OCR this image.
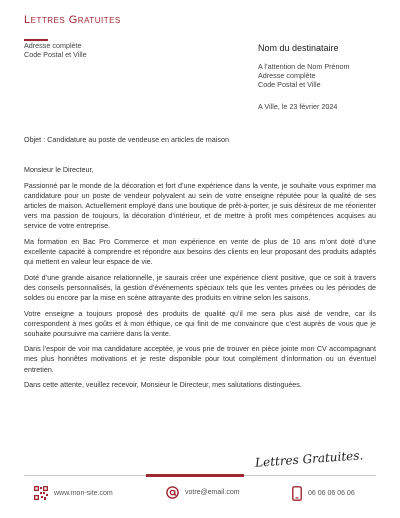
Lettres Gratuites
Adresse complète
Code Postal et Ville
Nom du destinataire
A l’attention de Nom Prénom
Adresse complète
Code Postal et Ville
A Ville, le 23 février 2024
Objet : Candidature au poste de vendeuse en articles de maison

Monsieur le Directeur,

Passionné par le monde de la décoration et fort d’une expérience dans la vente, je souhaite vous exprimer ma candidature pour un poste de vendeur polyvalent au sein de votre enseigne réputée pour la qualité de ses articles de maison. Actuellement employé dans une boutique de prêt-à-porter, je suis désireux de me réorienter vers ma passion de toujours, la décoration d’intérieur, et de mettre à profit mes compétences acquises au service de votre entreprise.

Ma formation en Bac Pro Commerce et mon expérience en vente de plus de 10 ans m’ont doté d’une excellente capacité à comprendre et répondre aux besoins des clients en leur proposant des produits adaptés qui mettent en valeur leur espace de vie.

Doté d’une grande aisance relationnelle, je saurais créer une expérience client positive, que ce soit à travers des conseils personnalisés, la gestion d’événements spéciaux tels que les ventes privées ou les périodes de soldes ou encore par la mise en scène attrayante des produits en vitrine selon les saisons.

Votre enseigne a toujours proposé des produits de qualité qu’il me sera plus aisé de vendre, car ils correspondent à mes goûts et à mon éthique, ce qui finit de me convaincre que c’est auprès de vous que je souhaite poursuivre ma carrière dans la vente.

Dans l’espoir de voir ma candidature acceptée, je vous prie de trouver en pièce jointe mon CV accompagnant mes plus honnêtes motivations et je reste disponible pour tout complément d’information ou un éventuel entretien.

Dans cette attente, veuillez recevoir, Monsieur le Directeur, mes salutations distinguées.

Lettres Gratuites.
www.mon-site.com	votre@email.com	06 06 06 06 06
